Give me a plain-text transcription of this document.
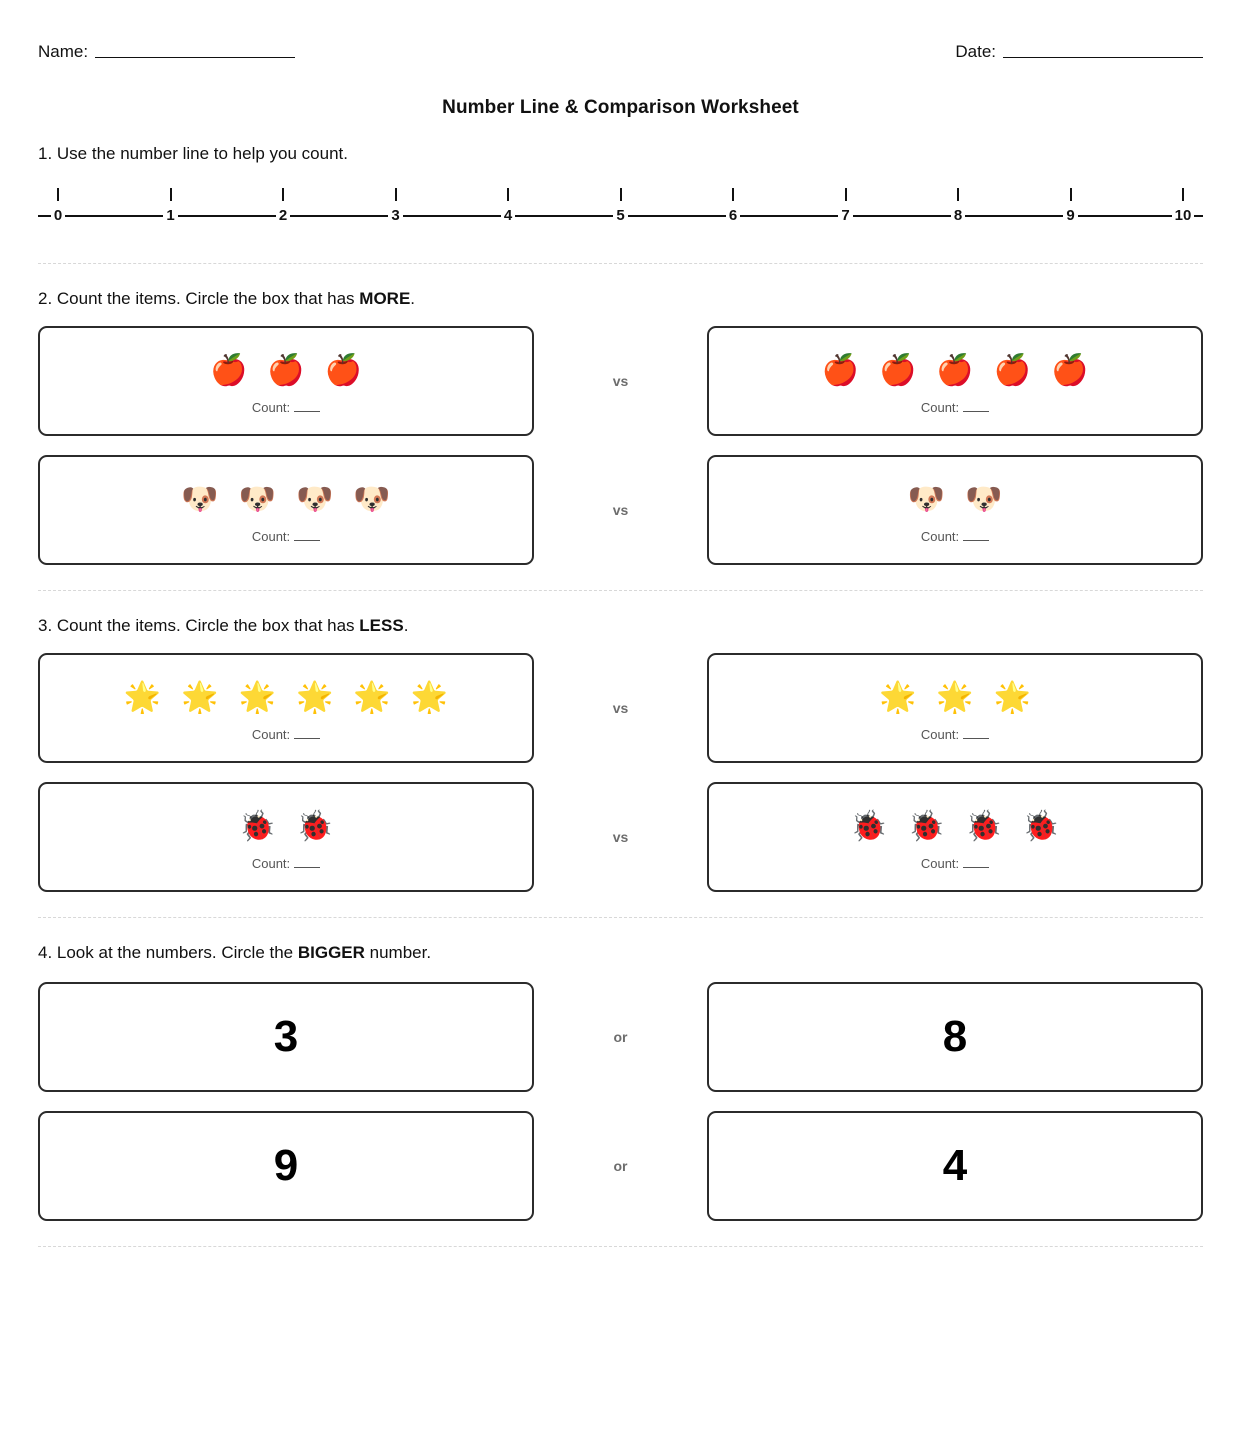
Name:	Date:
Number Line & Comparison Worksheet
1. Use the number line to help you count.
0	1	2	3	4	5	6	7	8	9	10
2. Count the items. Circle the box that has MORE.
🍎 🍎 🍎
Count:
vs	🍎 🍎 🍎 🍎 🍎
Count:
🐶 🐶 🐶 🐶
Count:
vs	🐶 🐶
Count:
3. Count the items. Circle the box that has LESS.
🌟 🌟 🌟 🌟 🌟 🌟
Count:
vs	🌟 🌟 🌟
Count:
🐞 🐞
Count:
vs	🐞 🐞 🐞 🐞
Count:
4. Look at the numbers. Circle the BIGGER number.
3	or	8
9	or	4
